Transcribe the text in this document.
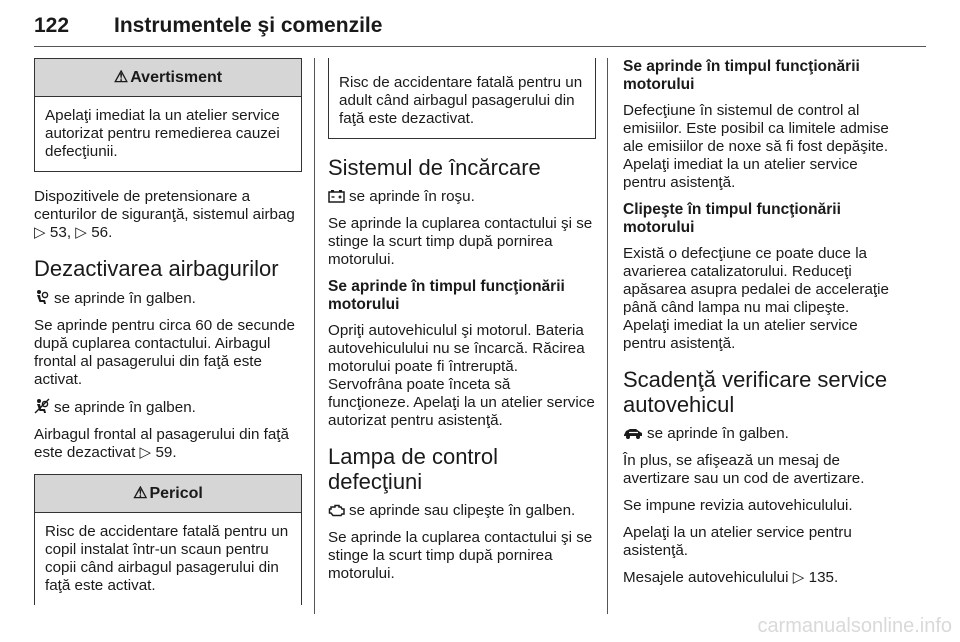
122 Instrumentele şi comenzile
⚠ Avertisment
Apelaţi imediat la un atelier service autorizat pentru remedierea cauzei defecţiunii.

Dispozitivele de pretensionare a centurilor de siguranţă, sistemul airbag ▷ 53, ▷ 56.

Dezactivarea airbagurilor

se aprinde în galben.

Se aprinde pentru circa 60 de secunde după cuplarea contactului. Airbagul frontal al pasagerului din faţă este activat.

se aprinde în galben.

Airbagul frontal al pasagerului din faţă este dezactivat ▷ 59.

⚠ Pericol
Risc de accidentare fatală pentru un copil instalat într-un scaun pentru copii când airbagul pasagerului din faţă este activat.
Risc de accidentare fatală pentru un adult când airbagul pasagerului din faţă este dezactivat.
Sistemul de încărcare

se aprinde în roşu.

Se aprinde la cuplarea contactului şi se stinge la scurt timp după pornirea motorului.

Se aprinde în timpul funcţionării motorului

Opriţi autovehiculul şi motorul. Bateria autovehiculului nu se încarcă. Răcirea motorului poate fi întreruptă. Servofrâna poate înceta să funcţioneze. Apelaţi la un atelier service autorizat pentru asistenţă.

Lampa de control defecţiuni

se aprinde sau clipeşte în galben.

Se aprinde la cuplarea contactului şi se stinge la scurt timp după pornirea motorului.

Se aprinde în timpul funcţionării motorului

Defecţiune în sistemul de control al emisiilor. Este posibil ca limitele admise ale emisiilor de noxe să fi fost depăşite. Apelaţi imediat la un atelier service pentru asistenţă.

Clipeşte în timpul funcţionării motorului

Există o defecţiune ce poate duce la avarierea catalizatorului. Reduceţi apăsarea asupra pedalei de acceleraţie până când lampa nu mai clipeşte. Apelaţi imediat la un atelier service pentru asistenţă.

Scadenţă verificare service autovehicul

se aprinde în galben.

În plus, se afişează un mesaj de avertizare sau un cod de avertizare.

Se impune revizia autovehiculului.

Apelaţi la un atelier service pentru asistenţă.

Mesajele autovehiculului ▷ 135.

carmanualsonline.info
